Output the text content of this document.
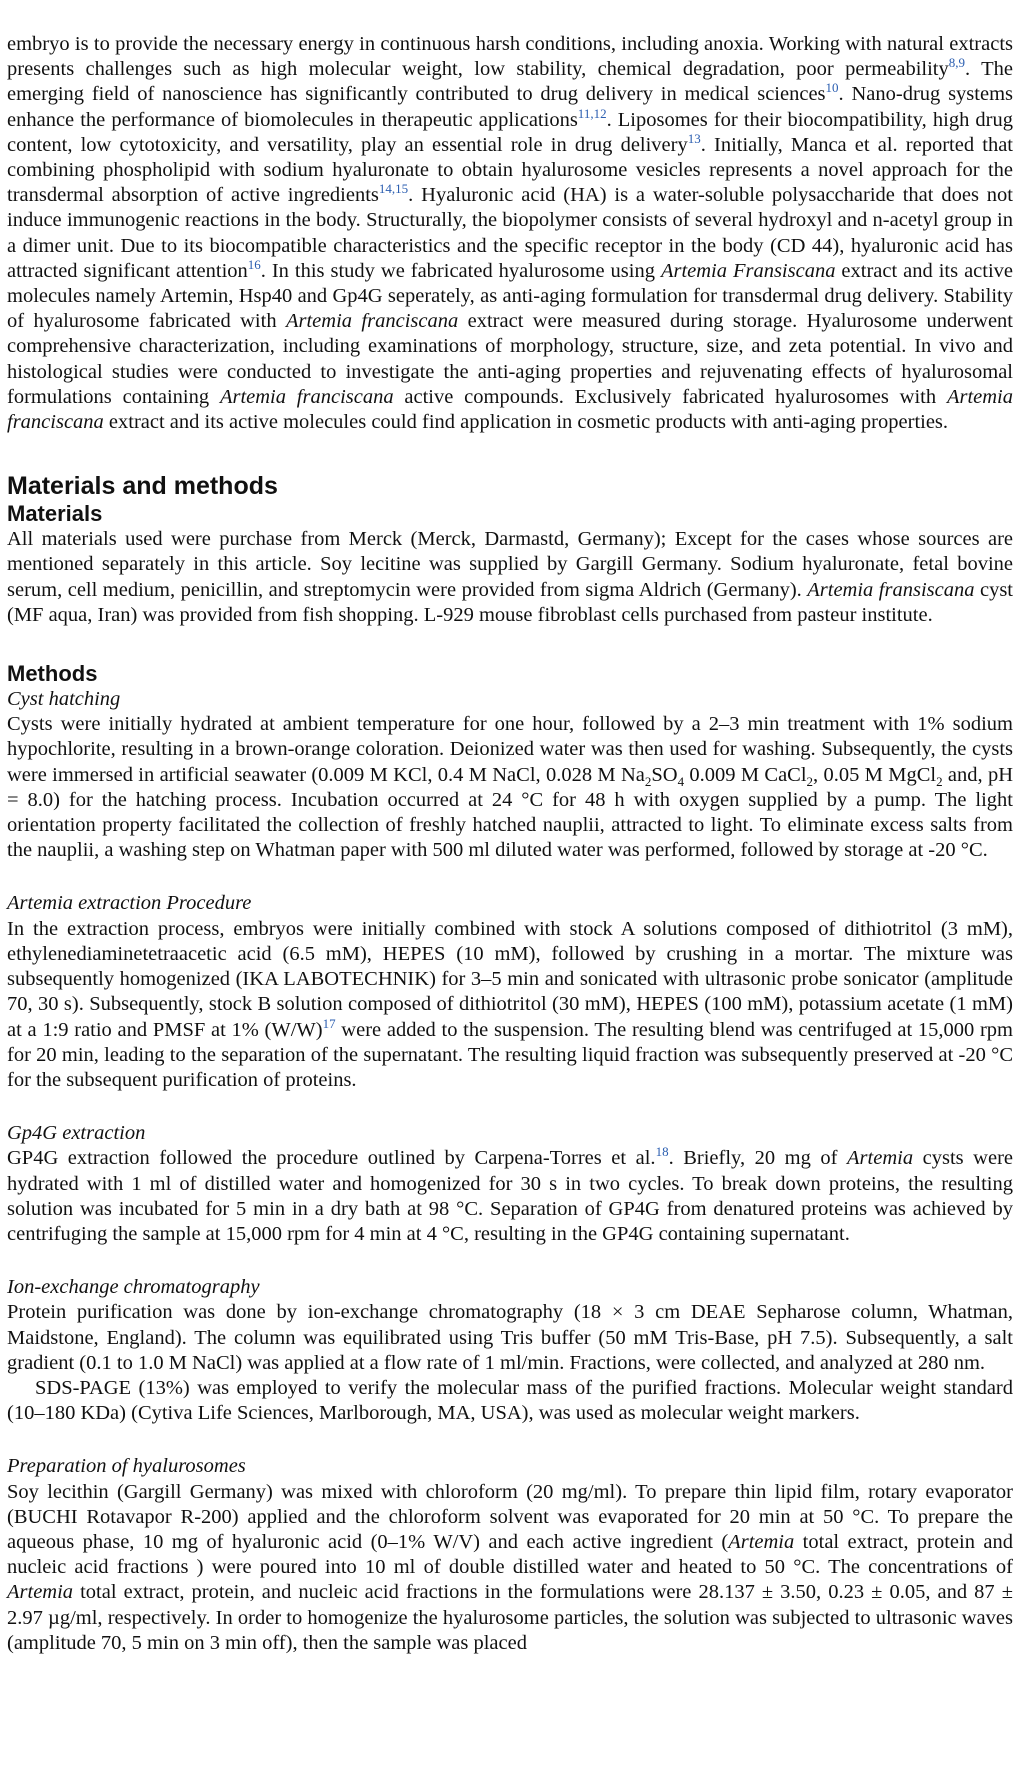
embryo is to provide the necessary energy in continuous harsh conditions, including anoxia. Working with natural extracts presents challenges such as high molecular weight, low stability, chemical degradation, poor permeability$^{8,9}$. The emerging field of nanoscience has significantly contributed to drug delivery in medical sciences$^{10}$. Nano-drug systems enhance the performance of biomolecules in therapeutic applications$^{11,12}$. Liposomes for their biocompatibility, high drug content, low cytotoxicity, and versatility, play an essential role in drug delivery$^{13}$. Initially, Manca et al. reported that combining phospholipid with sodium hyaluronate to obtain hyalurosome vesicles represents a novel approach for the transdermal absorption of active ingredients$^{14,15}$. Hyaluronic acid (HA) is a water-soluble polysaccharide that does not induce immunogenic reactions in the body. Structurally, the biopolymer consists of several hydroxyl and n-acetyl group in a dimer unit. Due to its biocompatible characteristics and the specific receptor in the body (CD 44), hyaluronic acid has attracted significant attention$^{16}$. In this study we fabricated hyalurosome using Artemia Fransiscana extract and its active molecules namely Artemin, Hsp40 and Gp4G seperately, as anti-aging formulation for transdermal drug delivery. Stability of hyalurosome fabricated with Artemia franciscana extract were measured during storage. Hyalurosome underwent comprehensive characterization, including examinations of morphology, structure, size, and zeta potential. In vivo and histological studies were conducted to investigate the anti-aging properties and rejuvenating effects of hyalurosomal formulations containing Artemia franciscana active compounds. Exclusively fabricated hyalurosomes with Artemia franciscana extract and its active molecules could find application in cosmetic products with anti-aging properties.

Materials and methods
Materials

All materials used were purchase from Merck (Merck, Darmastd, Germany); Except for the cases whose sources are mentioned separately in this article. Soy lecitine was supplied by Gargill Germany. Sodium hyaluronate, fetal bovine serum, cell medium, penicillin, and streptomycin were provided from sigma Aldrich (Germany). Artemia fransiscana cyst (MF aqua, Iran) was provided from fish shopping. L-929 mouse fibroblast cells purchased from pasteur institute.

Methods
Cyst hatching

Cysts were initially hydrated at ambient temperature for one hour, followed by a 2–3 min treatment with 1% sodium hypochlorite, resulting in a brown-orange coloration. Deionized water was then used for washing. Subsequently, the cysts were immersed in artificial seawater (0.009 M KCl, 0.4 M NaCl, 0.028 M $Na_2SO_4$ 0.009 M CaCl$_2$, 0.05 M MgCl$_2$ and, pH = 8.0) for the hatching process. Incubation occurred at 24 °C for 48 h with oxygen supplied by a pump. The light orientation property facilitated the collection of freshly hatched nauplii, attracted to light. To eliminate excess salts from the nauplii, a washing step on Whatman paper with 500 ml diluted water was performed, followed by storage at -20 °C.

Artemia extraction Procedure

In the extraction process, embryos were initially combined with stock A solutions composed of dithiotritol (3 mM), ethylenediaminetetraacetic acid (6.5 mM), HEPES (10 mM), followed by crushing in a mortar. The mixture was subsequently homogenized (IKA LABOTECHNIK) for 3–5 min and sonicated with ultrasonic probe sonicator (amplitude 70, 30 s). Subsequently, stock B solution composed of dithiotritol (30 mM), HEPES (100 mM), potassium acetate (1 mM) at a 1:9 ratio and PMSF at 1% (W/W)$^{17}$ were added to the suspension. The resulting blend was centrifuged at 15,000 rpm for 20 min, leading to the separation of the supernatant. The resulting liquid fraction was subsequently preserved at -20 °C for the subsequent purification of proteins.

Gp4G extraction

GP4G extraction followed the procedure outlined by Carpena-Torres et al.$^{18}$. Briefly, 20 mg of Artemia cysts were hydrated with 1 ml of distilled water and homogenized for 30 s in two cycles. To break down proteins, the resulting solution was incubated for 5 min in a dry bath at 98 °C. Separation of GP4G from denatured proteins was achieved by centrifuging the sample at 15,000 rpm for 4 min at 4 °C, resulting in the GP4G containing supernatant.

Ion-exchange chromatography

Protein purification was done by ion-exchange chromatography (18 × 3 cm DEAE Sepharose column, Whatman, Maidstone, England). The column was equilibrated using Tris buffer (50 mM Tris-Base, pH 7.5). Subsequently, a salt gradient (0.1 to 1.0 M NaCl) was applied at a flow rate of 1 ml/min. Fractions, were collected, and analyzed at 280 nm.

SDS-PAGE (13%) was employed to verify the molecular mass of the purified fractions. Molecular weight standard (10–180 KDa) (Cytiva Life Sciences, Marlborough, MA, USA), was used as molecular weight markers.

Preparation of hyalurosomes

Soy lecithin (Gargill Germany) was mixed with chloroform (20 mg/ml). To prepare thin lipid film, rotary evaporator (BUCHI Rotavapor R-200) applied and the chloroform solvent was evaporated for 20 min at 50 °C. To prepare the aqueous phase, 10 mg of hyaluronic acid (0–1% W/V) and each active ingredient (Artemia total extract, protein and nucleic acid fractions ) were poured into 10 ml of double distilled water and heated to 50 °C. The concentrations of Artemia total extract, protein, and nucleic acid fractions in the formulations were 28.137 ± 3.50, 0.23 ± 0.05, and 87 ± 2.97 µg/ml, respectively. In order to homogenize the hyalurosome particles, the solution was subjected to ultrasonic waves (amplitude 70, 5 min on 3 min off), then the sample was placed
